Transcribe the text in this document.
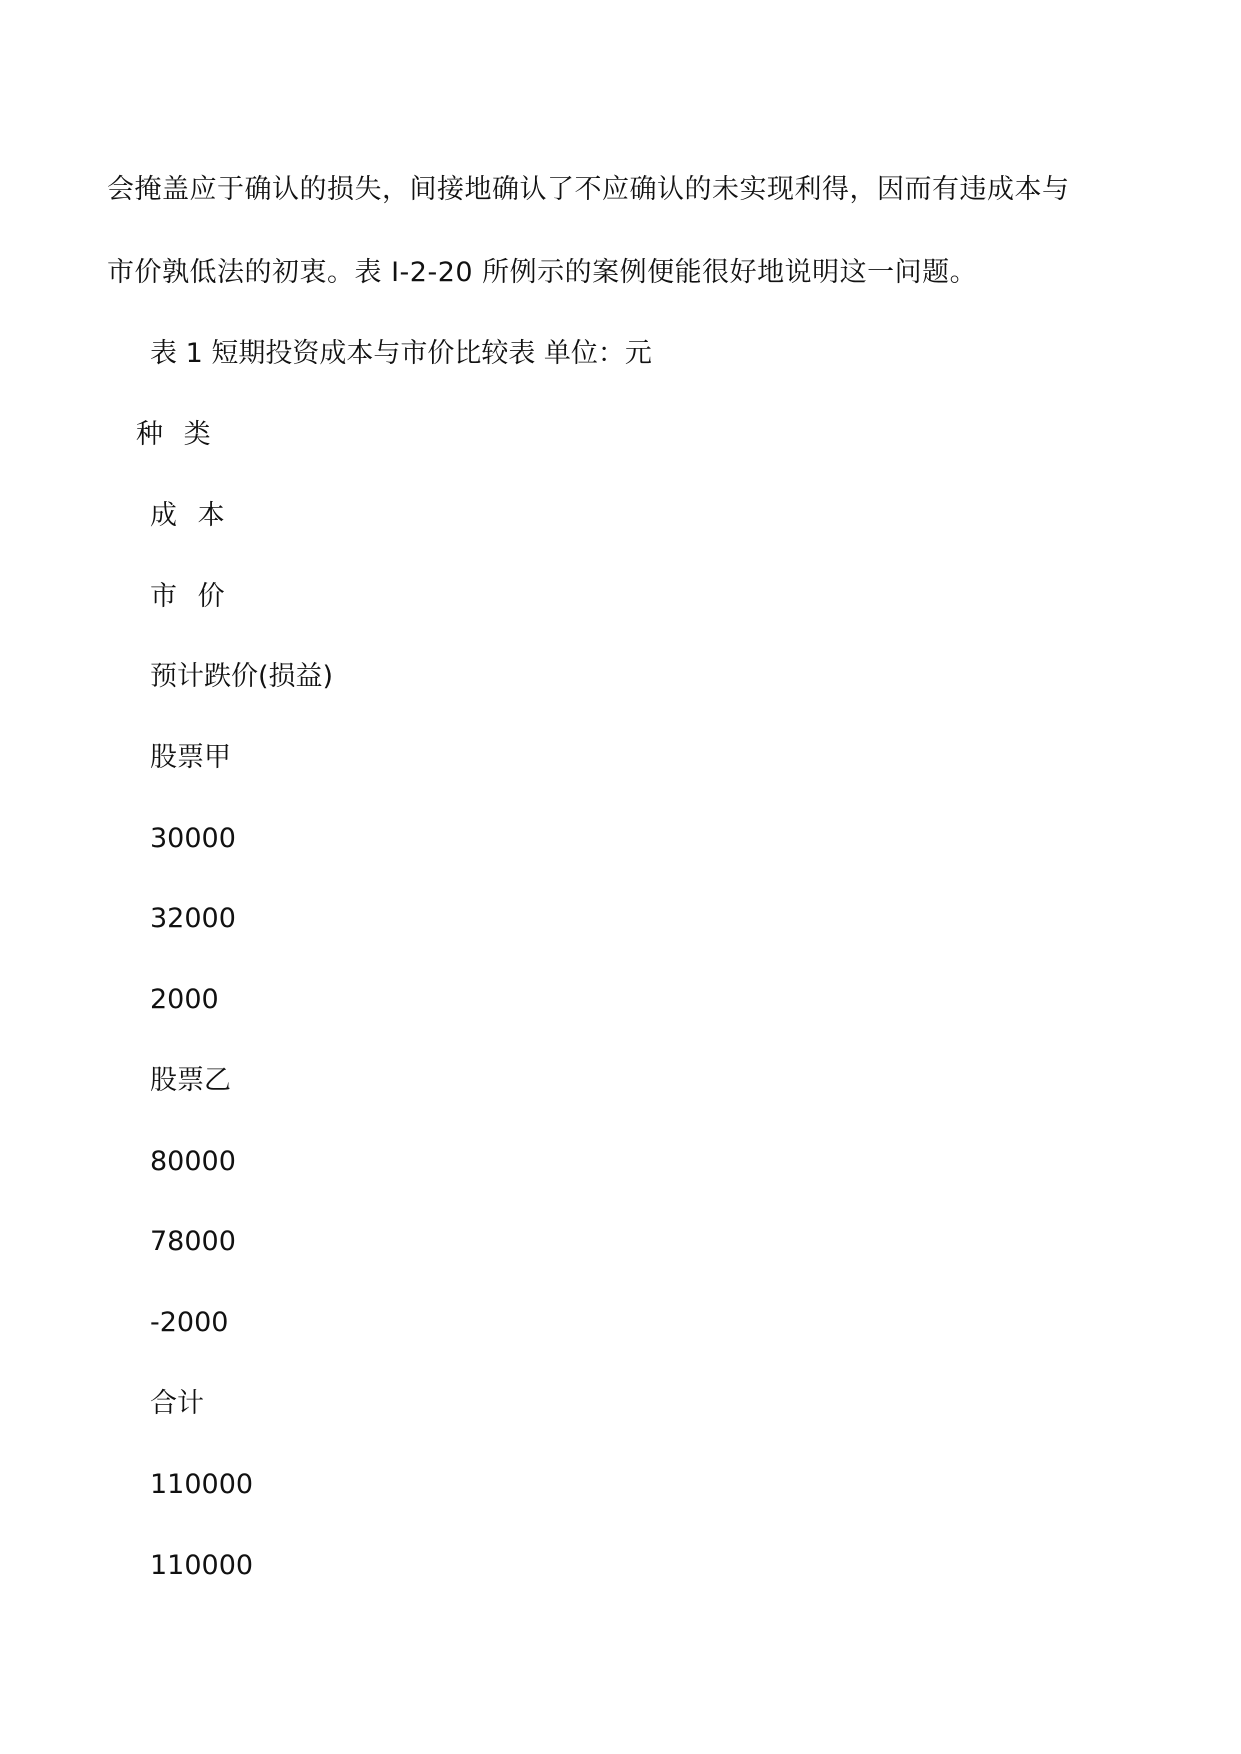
会掩盖应于确认的损失，间接地确认了不应确认的未实现利得，因而有违成本与
市价孰低法的初衷。表 I-2-20 所例示的案例便能很好地说明这一问题。
表 1 短期投资成本与市价比较表 单位：元
种 类
成 本
市 价
预计跌价(损益)
股票甲
30000
32000
2000
股票乙
80000
78000
-2000
合计
110000
110000
